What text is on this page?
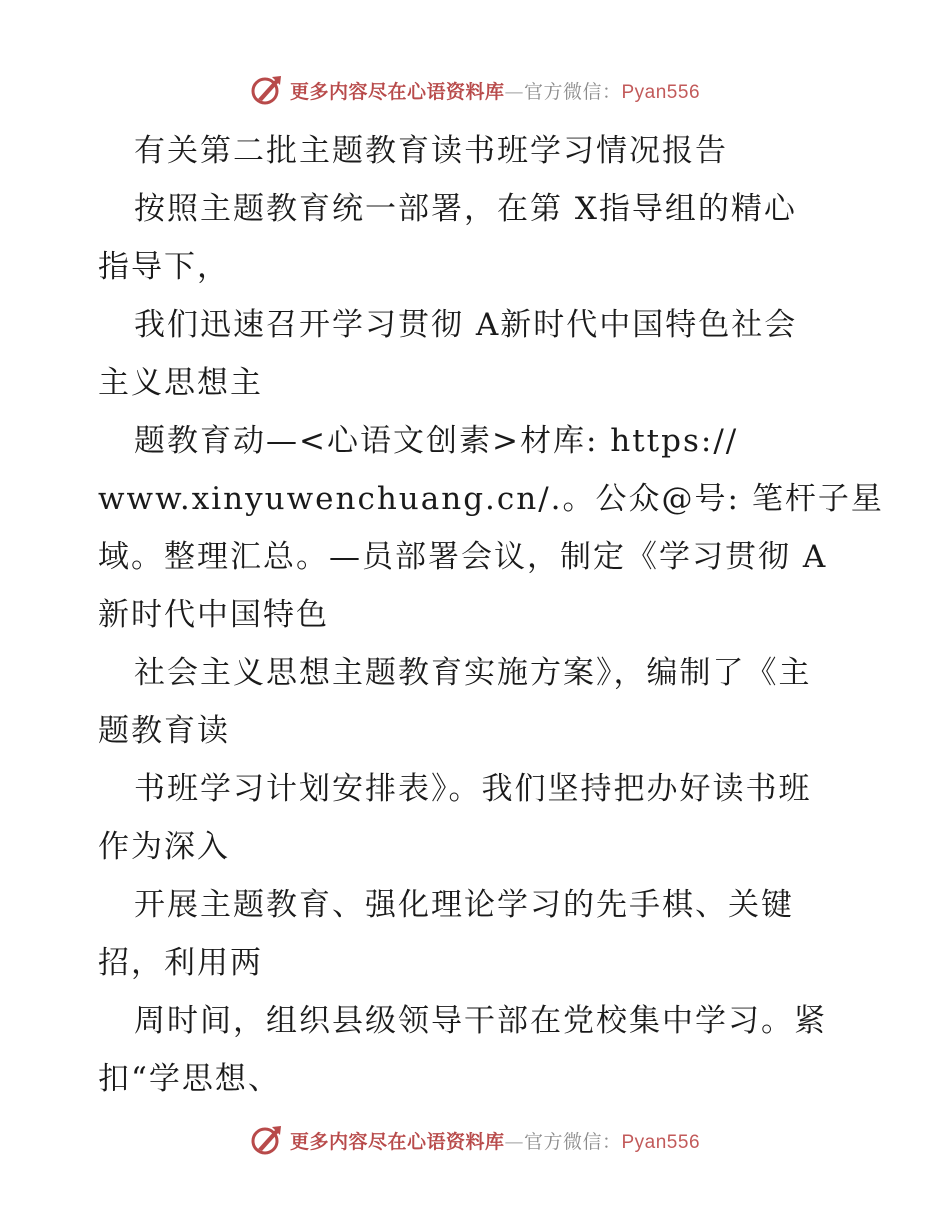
更多内容尽在心语资料库—官方微信：Pyan556
有关第二批主题教育读书班学习情况报告
按照主题教育统一部署，在第 X指导组的精心
指导下，
我们迅速召开学习贯彻 A新时代中国特色社会
主义思想主
题教育动—<心语文创素>材库: https://
www.xinyuwenchuang.cn/.。公众@号: 笔杆子星
域。整理汇总。—员部署会议，制定《学习贯彻 A
新时代中国特色
社会主义思想主题教育实施方案》，编制了《主
题教育读
书班学习计划安排表》。我们坚持把办好读书班
作为深入
开展主题教育、强化理论学习的先手棋、关键
招，利用两
周时间，组织县级领导干部在党校集中学习。紧
扣“学思想、
更多内容尽在心语资料库—官方微信：Pyan556
